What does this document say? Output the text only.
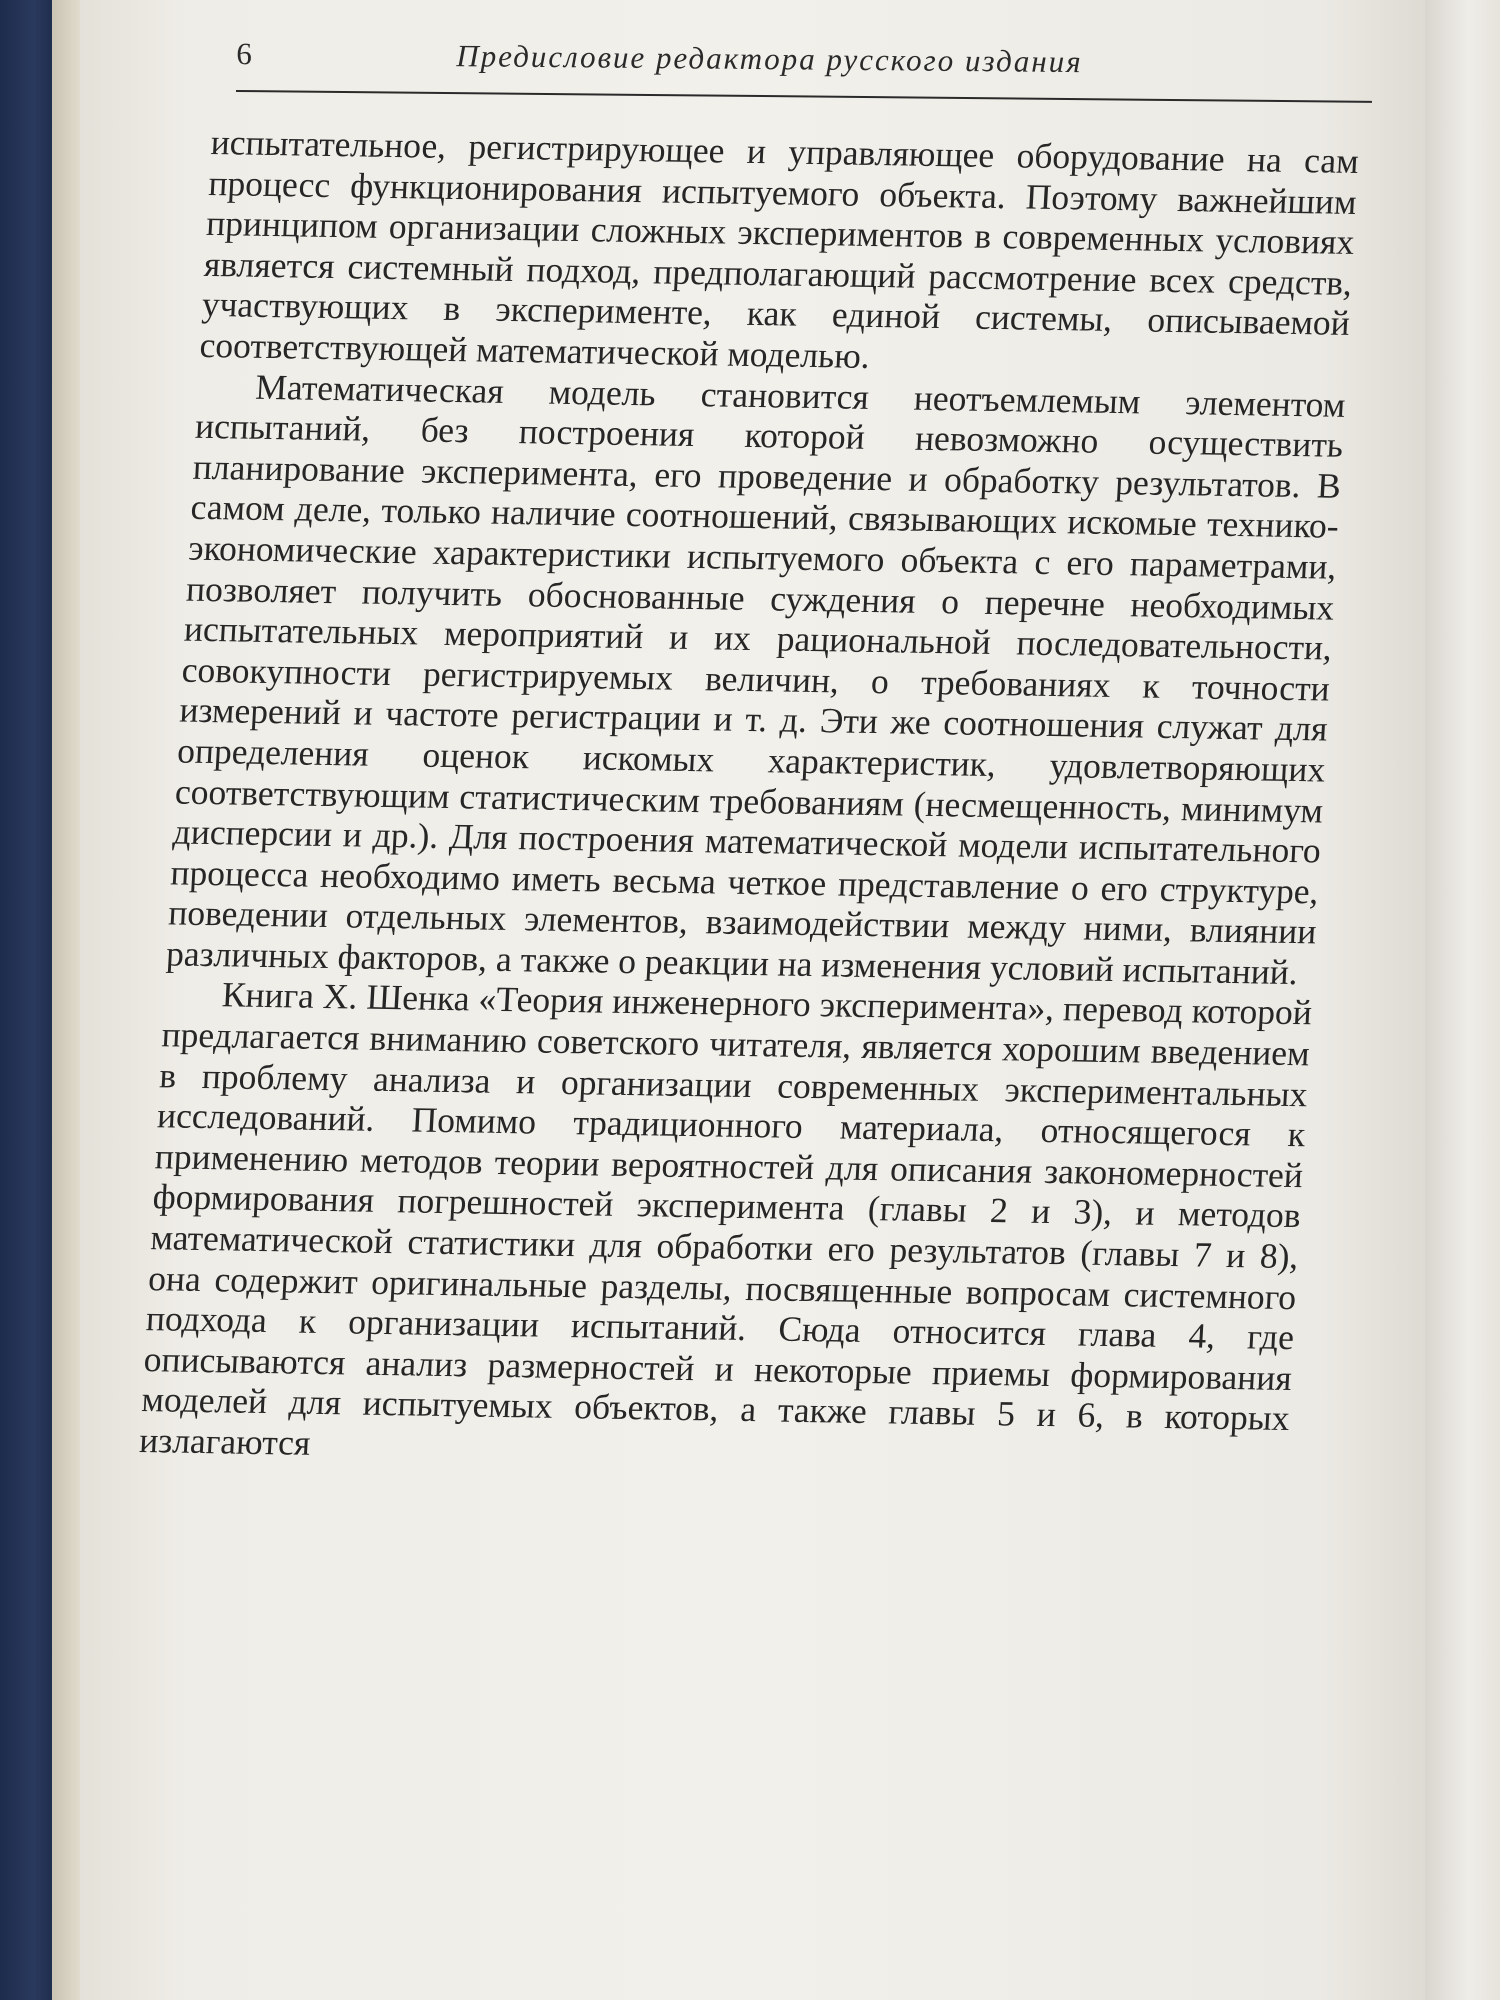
6	Предисловие редактора русского издания

испытательное, регистрирующее и управляющее оборудование на сам процесс функционирования испытуемого объекта. Поэтому важнейшим принципом организации сложных экспериментов в современных условиях является системный подход, предполагающий рассмотрение всех средств, участвующих в эксперименте, как единой системы, описываемой соответствующей математической моделью.

Математическая модель становится неотъемлемым элементом испытаний, без построения которой невозможно осуществить планирование эксперимента, его проведение и обработку результатов. В самом деле, только наличие соотношений, связывающих искомые технико-экономические характеристики испытуемого объекта с его параметрами, позволяет получить обоснованные суждения о перечне необходимых испытательных мероприятий и их рациональной последовательности, совокупности регистрируемых величин, о требованиях к точности измерений и частоте регистрации и т. д. Эти же соотношения служат для определения оценок искомых характеристик, удовлетворяющих соответствующим статистическим требованиям (несмещенность, минимум дисперсии и др.). Для построения математической модели испытательного процесса необходимо иметь весьма четкое представление о его структуре, поведении отдельных элементов, взаимодействии между ними, влиянии различных факторов, а также о реакции на изменения условий испытаний.

Книга X. Шенка «Теория инженерного эксперимента», перевод которой предлагается вниманию советского читателя, является хорошим введением в проблему анализа и организации современных экспериментальных исследований. Помимо традиционного материала, относящегося к применению методов теории вероятностей для описания закономерностей формирования погрешностей эксперимента (главы 2 и 3), и методов математической статистики для обработки его результатов (главы 7 и 8), она содержит оригинальные разделы, посвященные вопросам системного подхода к организации испытаний. Сюда относится глава 4, где описываются анализ размерностей и некоторые приемы формирования моделей для испытуемых объектов, а также главы 5 и 6, в которых излагаются
